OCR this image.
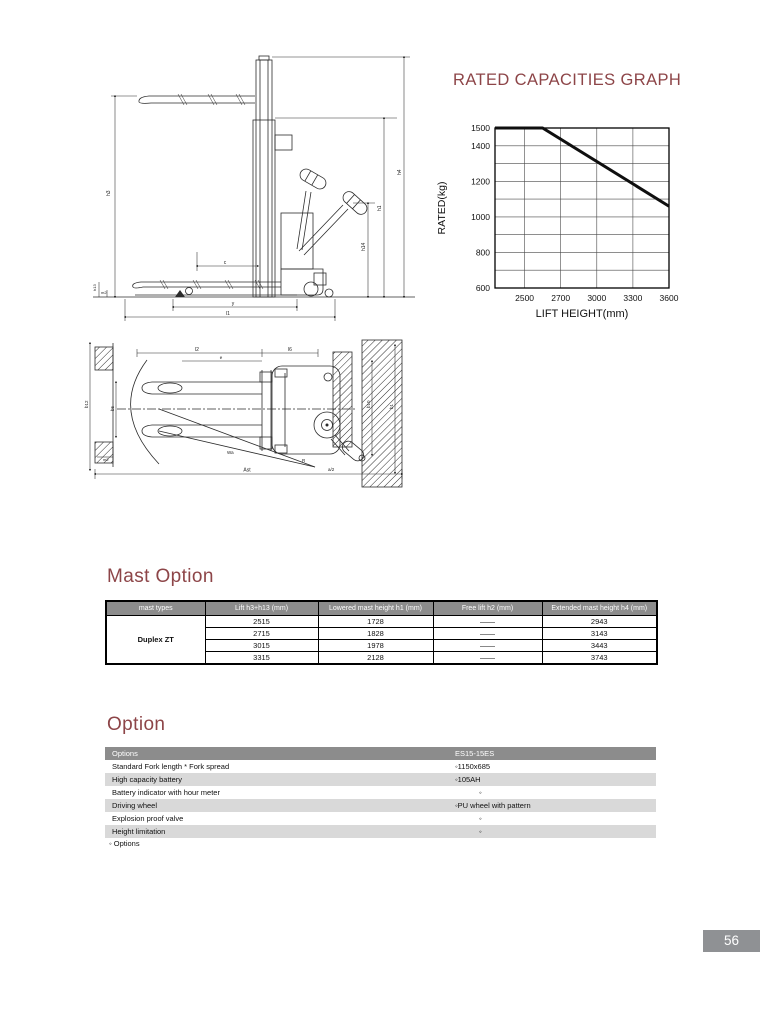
h3
h4
h1
h14
c
y
l1
h13
m2
RATED CAPACITIES GRAPH
2500 2700 3000 3300 3600
1500
1400
1200
1000
800
600
RATED(kg)
LIFT HEIGHT(mm)
l2	l6
e
b12
b5
b10	b1
Ast
m2
Wa
R
a/2
Mast Option
mast types	Lift h3+h13 (mm)	Lowered mast height h1 (mm)	Free lift h2 (mm)	Extended mast height h4 (mm)
Duplex ZT	2515	1728	——	2943
	2715	1828	——	3143
	3015	1978	——	3443
	3315	2128	——	3743
Option
Options	ES15-15ES
Standard Fork length * Fork spread	◦1150x685
High capacity battery	◦105AH
Battery indicator with hour meter	◦
Driving wheel	◦PU wheel with pattern
Explosion proof valve	◦
Height limitation	◦
◦ Options
56
